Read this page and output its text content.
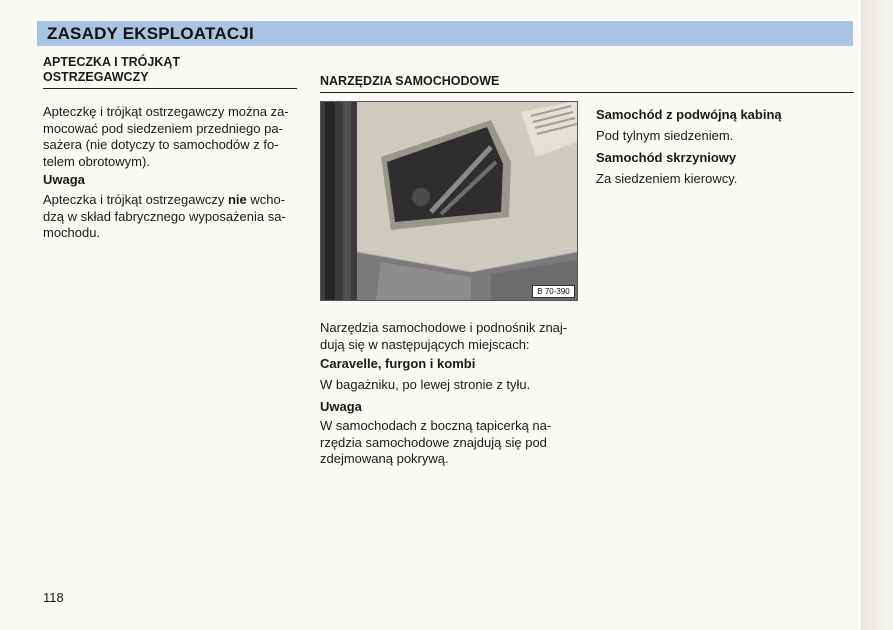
ZASADY EKSPLOATACJI
APTECZKA I TRÓJKĄT
OSTRZEGAWCZY
Apteczkę i trójkąt ostrzegawczy można za-
mocować pod siedzeniem przedniego pa-
sażera (nie dotyczy to samochodów z fo-
telem obrotowym).
Uwaga
Apteczka i trójkąt ostrzegawczy nie wcho-
dzą w skład fabrycznego wyposażenia sa-
mochodu.
NARZĘDZIA SAMOCHODOWE
B 70-390
Narzędzia samochodowe i podnośnik znaj-
dują się w następujących miejscach:
Caravelle, furgon i kombi
W bagażniku, po lewej stronie z tyłu.
Uwaga
W samochodach z boczną tapicerką na-
rzędzia samochodowe znajdują się pod
zdejmowaną pokrywą.
Samochód z podwójną kabiną
Pod tylnym siedzeniem.
Samochód skrzyniowy
Za siedzeniem kierowcy.
118
